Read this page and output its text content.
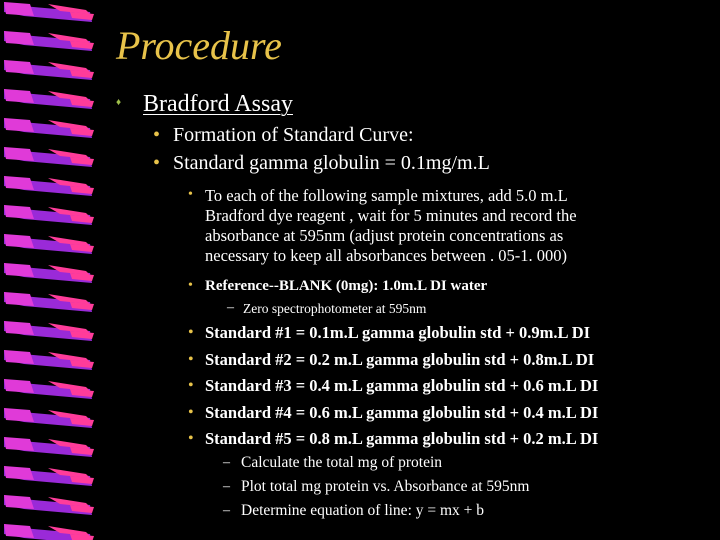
Procedure
♦ Bradford Assay
• Formation of Standard Curve:
• Standard gamma globulin = 0.1mg/m.L
• To each of the following sample mixtures, add 5.0 m.L
Bradford dye reagent , wait for 5 minutes and record the
absorbance at 595nm (adjust protein concentrations as
necessary to keep all absorbances between . 05-1. 000)
• Reference--BLANK (0mg): 1.0m.L DI water
– Zero spectrophotometer at 595nm
• Standard #1 = 0.1m.L gamma globulin std + 0.9m.L DI
• Standard #2 = 0.2 m.L gamma globulin std + 0.8m.L DI
• Standard #3 = 0.4 m.L gamma globulin std + 0.6 m.L DI
• Standard #4 = 0.6 m.L gamma globulin std + 0.4 m.L DI
• Standard #5 = 0.8 m.L gamma globulin std + 0.2 m.L DI
– Calculate the total mg of protein
– Plot total mg protein vs. Absorbance at 595nm
– Determine equation of line: y = mx + b
